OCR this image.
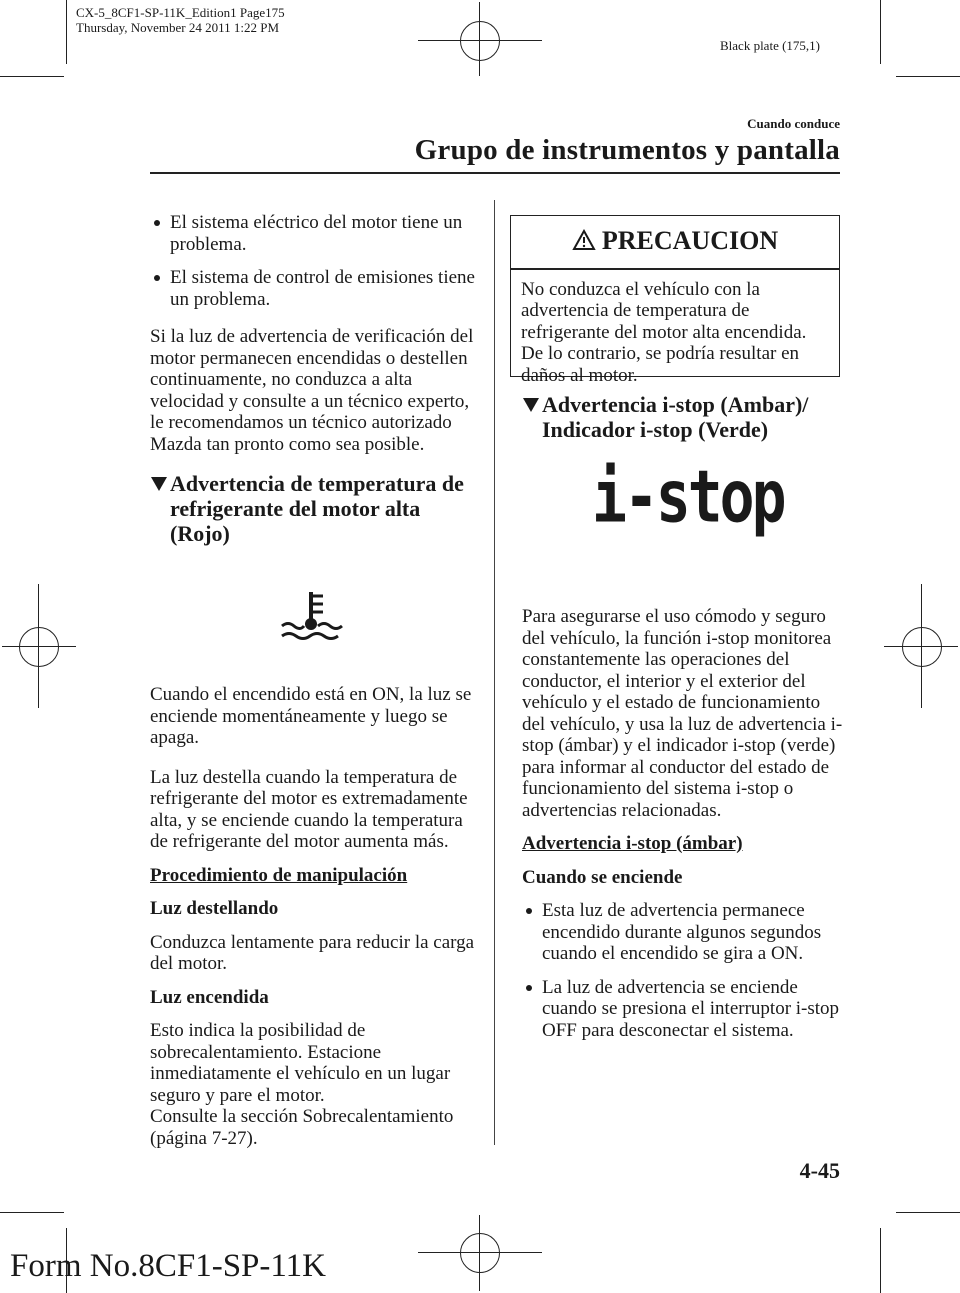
CX-5_8CF1-SP-11K_Edition1 Page175
Thursday, November 24 2011 1:22 PM
Black plate (175,1)
Cuando conduce
Grupo de instrumentos y pantalla
El sistema eléctrico del motor tiene un problema.
El sistema de control de emisiones tiene un problema.

Si la luz de advertencia de verificación del motor permanecen encendidas o destellen continuamente, no conduzca a alta velocidad y consulte a un técnico experto, le recomendamos un técnico autorizado Mazda tan pronto como sea posible.

Advertencia de temperatura de refrigerante del motor alta (Rojo)

Cuando el encendido está en ON, la luz se enciende momentáneamente y luego se apaga.

La luz destella cuando la temperatura de refrigerante del motor es extremadamente alta, y se enciende cuando la temperatura de refrigerante del motor aumenta más.

Procedimiento de manipulación

Luz destellando

Conduzca lentamente para reducir la carga del motor.

Luz encendida

Esto indica la posibilidad de sobrecalentamiento. Estacione inmediatamente el vehículo en un lugar seguro y pare el motor.

Consulte la sección Sobrecalentamiento (página 7-27).

PRECAUCION
No conduzca el vehículo con la advertencia de temperatura de refrigerante del motor alta encendida. De lo contrario, se podría resultar en daños al motor.
Advertencia i-stop (Ambar)/ Indicador i-stop (Verde)
i-stop

Para asegurarse el uso cómodo y seguro del vehículo, la función i-stop monitorea constantemente las operaciones del conductor, el interior y el exterior del vehículo y el estado de funcionamiento del vehículo, y usa la luz de advertencia i-stop (ámbar) y el indicador i-stop (verde) para informar al conductor del estado de funcionamiento del sistema i-stop o advertencias relacionadas.

Advertencia i-stop (ámbar)

Cuando se enciende

Esta luz de advertencia permanece encendido durante algunos segundos cuando el encendido se gira a ON.
La luz de advertencia se enciende cuando se presiona el interruptor i-stop OFF para desconectar el sistema.
4-45
Form No.8CF1-SP-11K
